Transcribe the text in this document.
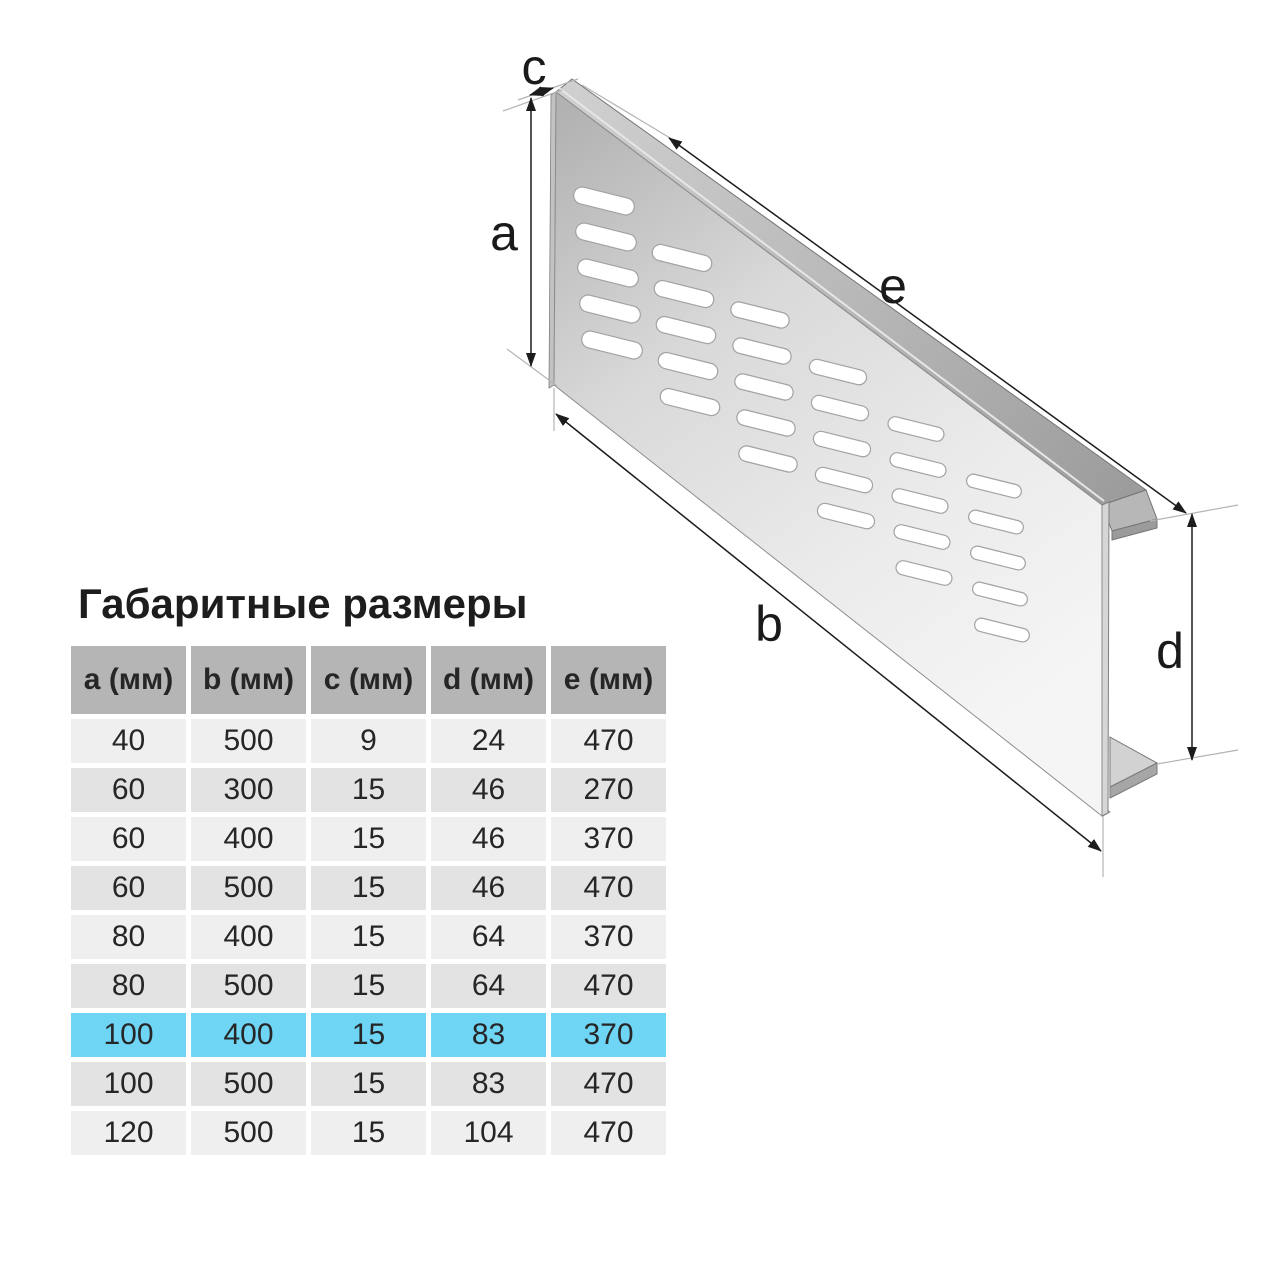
c
a
e
b	d
Габаритные размеры
a (мм)	b (мм)	c (мм)	d (мм)	e (мм)
40	500	9	24	470
60	300	15	46	270
60	400	15	46	370
60	500	15	46	470
80	400	15	64	370
80	500	15	64	470
100	400	15	83	370
100	500	15	83	470
120	500	15	104	470
